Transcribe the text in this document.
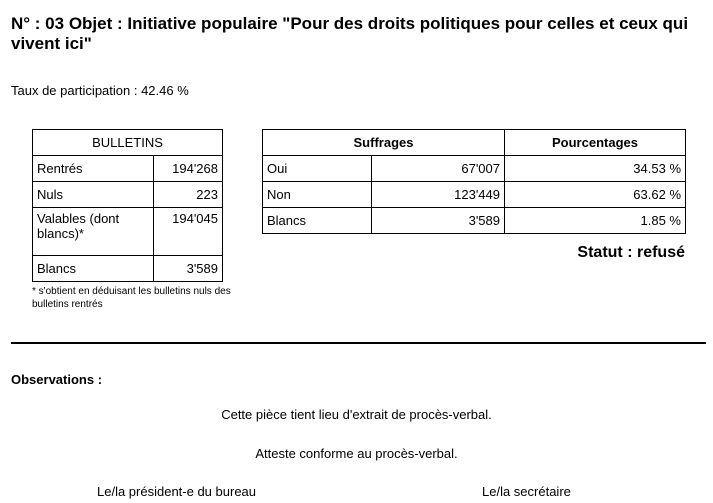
N° : 03 Objet : Initiative populaire "Pour des droits politiques pour celles et ceux qui vivent ici"
Taux de participation : 42.46 %
BULLETINS	
Rentrés	194'268
Nuls	223
Valables (dont blancs)*	194'045
Blancs	3'589
* s'obtient en déduisant les bulletins nuls des bulletins rentrés
Suffrages		Pourcentages
Oui	67'007	34.53 %
Non	123'449	63.62 %
Blancs	3'589	1.85 %
Statut : refusé
Observations :
Cette pièce tient lieu d'extrait de procès-verbal.
Atteste conforme au procès-verbal.
Le/la président-e du bureau	Le/la secrétaire
